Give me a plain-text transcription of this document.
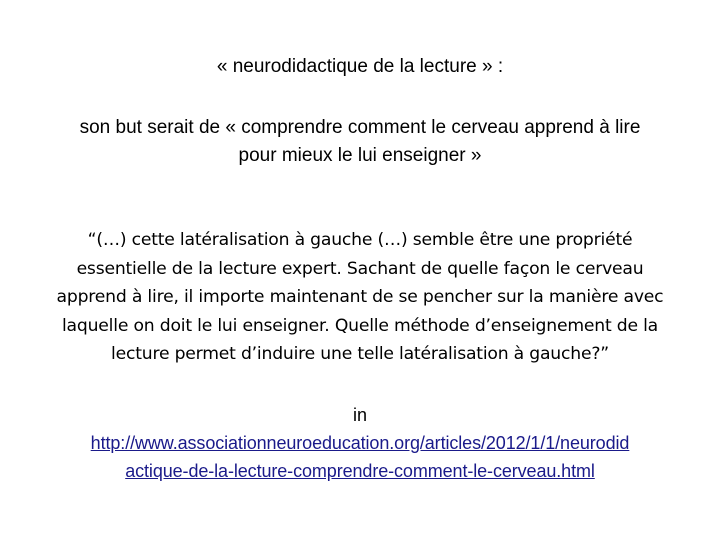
« neurodidactique de la lecture » :
son but serait de « comprendre comment le cerveau apprend à lire
pour mieux le lui enseigner »
“(…) cette latéralisation à gauche (…) semble être une propriété
essentielle de la lecture expert. Sachant de quelle façon le cerveau
apprend à lire, il importe maintenant de se pencher sur la manière avec
laquelle on doit le lui enseigner. Quelle méthode d’enseignement de la
lecture permet d’induire une telle latéralisation à gauche?”
in
http://www.associationneuroeducation.org/articles/2012/1/1/neurodid
actique-de-la-lecture-comprendre-comment-le-cerveau.html
